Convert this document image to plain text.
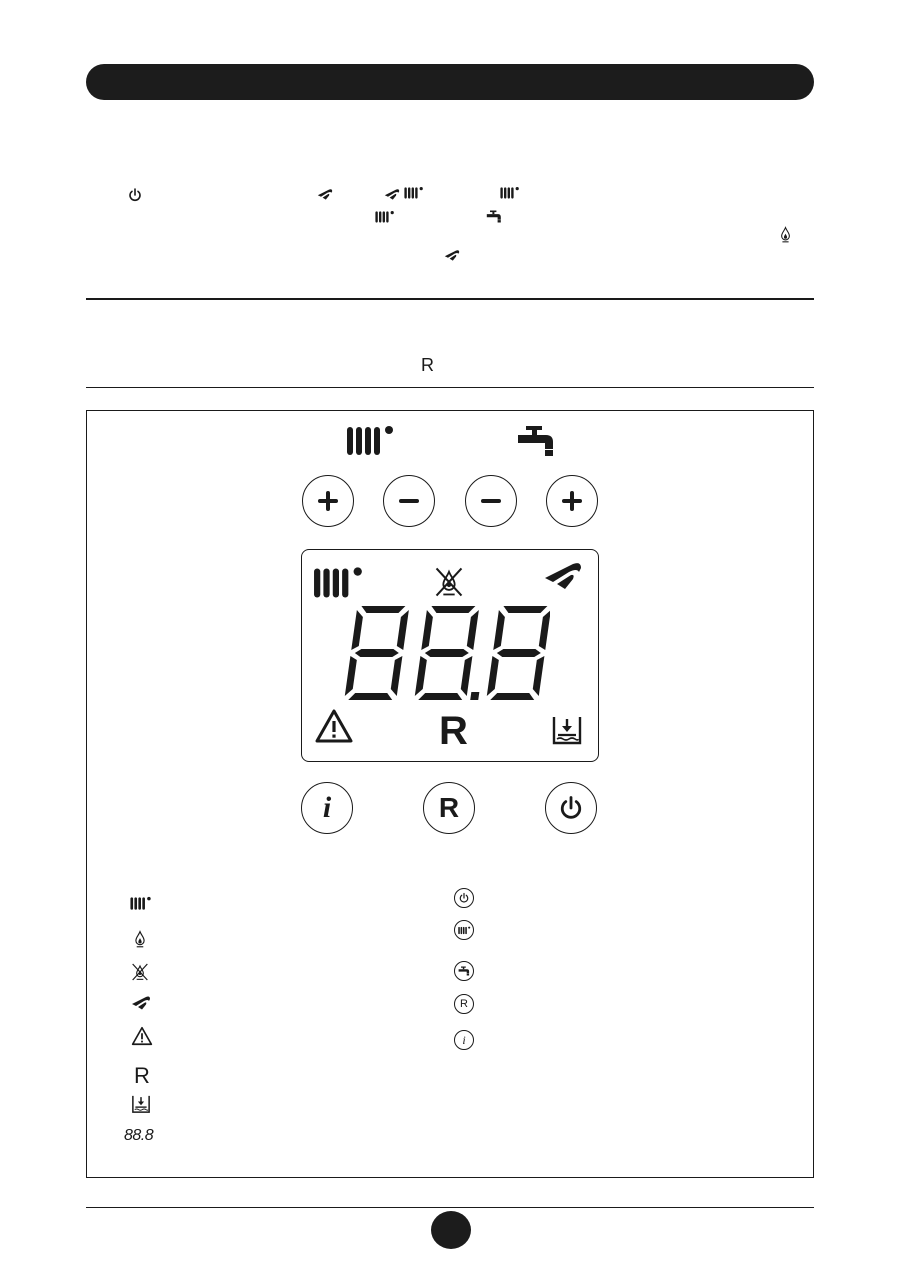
R
R
i	R
R
88.8
R
i
